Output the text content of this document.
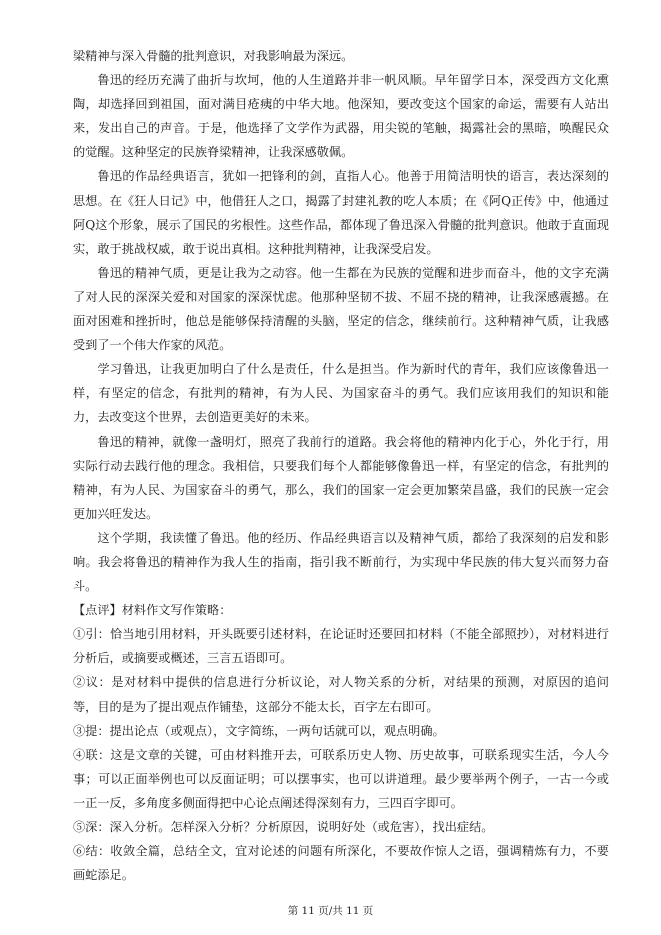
梁精神与深入骨髓的批判意识，对我影响最为深远。

鲁迅的经历充满了曲折与坎坷，他的人生道路并非一帆风顺。早年留学日本，深受西方文化熏陶，却选择回到祖国，面对满目疮痍的中华大地。他深知，要改变这个国家的命运，需要有人站出来，发出自己的声音。于是，他选择了文学作为武器，用尖锐的笔触，揭露社会的黑暗，唤醒民众的觉醒。这种坚定的民族脊梁精神，让我深感敬佩。

鲁迅的作品经典语言，犹如一把锋利的剑，直指人心。他善于用简洁明快的语言，表达深刻的思想。在《狂人日记》中，他借狂人之口，揭露了封建礼教的吃人本质；在《阿Q正传》中，他通过阿Q这个形象，展示了国民的劣根性。这些作品，都体现了鲁迅深入骨髓的批判意识。他敢于直面现实，敢于挑战权威，敢于说出真相。这种批判精神，让我深受启发。

鲁迅的精神气质，更是让我为之动容。他一生都在为民族的觉醒和进步而奋斗，他的文字充满了对人民的深深关爱和对国家的深深忧虑。他那种坚韧不拔、不屈不挠的精神，让我深感震撼。在面对困难和挫折时，他总是能够保持清醒的头脑，坚定的信念，继续前行。这种精神气质，让我感受到了一个伟大作家的风范。

学习鲁迅，让我更加明白了什么是责任，什么是担当。作为新时代的青年，我们应该像鲁迅一样，有坚定的信念，有批判的精神，有为人民、为国家奋斗的勇气。我们应该用我们的知识和能力，去改变这个世界，去创造更美好的未来。

鲁迅的精神，就像一盏明灯，照亮了我前行的道路。我会将他的精神内化于心，外化于行，用实际行动去践行他的理念。我相信，只要我们每个人都能够像鲁迅一样，有坚定的信念，有批判的精神，有为人民、为国家奋斗的勇气，那么，我们的国家一定会更加繁荣昌盛，我们的民族一定会更加兴旺发达。

这个学期，我读懂了鲁迅。他的经历、作品经典语言以及精神气质，都给了我深刻的启发和影响。我会将鲁迅的精神作为我人生的指南，指引我不断前行，为实现中华民族的伟大复兴而努力奋斗。

【点评】材料作文写作策略：

①引：恰当地引用材料，开头既要引述材料，在论证时还要回扣材料（不能全部照抄），对材料进行分析后，或摘要或概述，三言五语即可。

②议：是对材料中提供的信息进行分析议论，对人物关系的分析，对结果的预测，对原因的追问等，目的是为了提出观点作铺垫，这部分不能太长，百字左右即可。

③提：提出论点（或观点），文字简练，一两句话就可以，观点明确。

④联：这是文章的关键，可由材料推开去，可联系历史人物、历史故事，可联系现实生活，今人今事；可以正面举例也可以反面证明；可以摆事实，也可以讲道理。最少要举两个例子，一古一今或一正一反，多角度多侧面得把中心论点阐述得深刻有力，三四百字即可。

⑤深：深入分析。怎样深入分析？分析原因，说明好处（或危害），找出症结。

⑥结：收敛全篇，总结全文，宜对论述的问题有所深化，不要故作惊人之语，强调精炼有力，不要画蛇添足。

第 11 页/共 11 页
